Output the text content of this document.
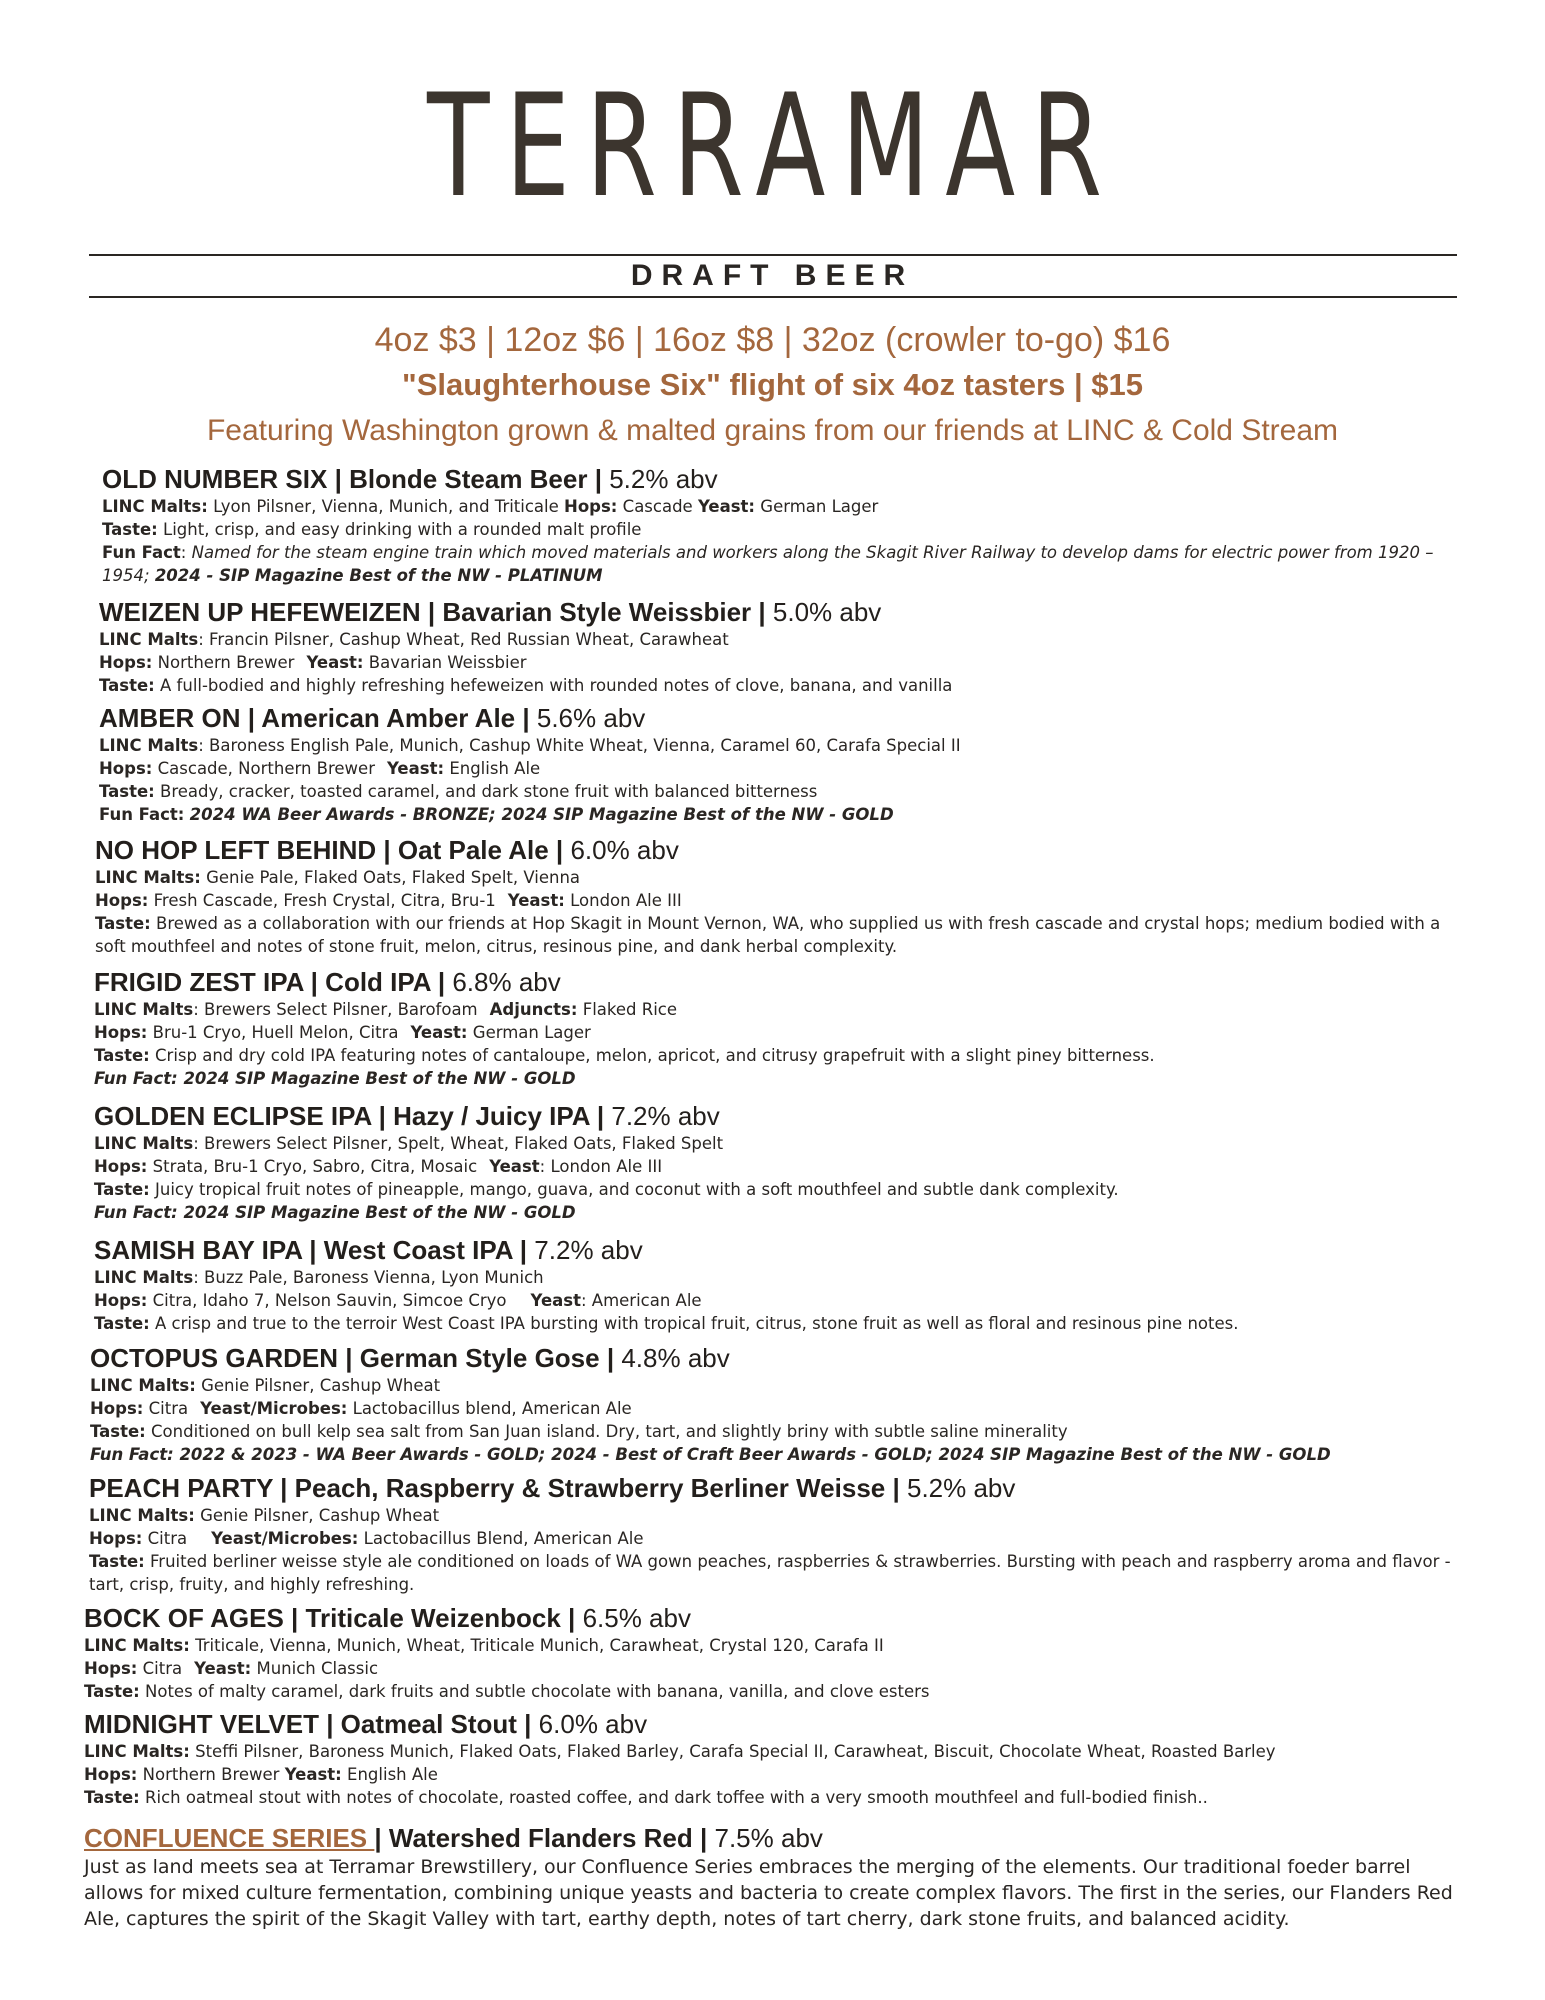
TERRAMAR
DRAFT BEER
4oz $3 | 12oz $6 | 16oz $8 | 32oz (crowler to-go) $16
"Slaughterhouse Six" flight of six 4oz tasters | $15
Featuring Washington grown & malted grains from our friends at LINC & Cold Stream
OLD NUMBER SIX | Blonde Steam Beer | 5.2% abv
LINC Malts: Lyon Pilsner, Vienna, Munich, and Triticale Hops: Cascade Yeast: German Lager
Taste: Light, crisp, and easy drinking with a rounded malt profile
Fun Fact: Named for the steam engine train which moved materials and workers along the Skagit River Railway to develop dams for electric power from 1920 – 1954; 2024 - SIP Magazine Best of the NW - PLATINUM
WEIZEN UP HEFEWEIZEN | Bavarian Style Weissbier | 5.0% abv
LINC Malts: Francin Pilsner, Cashup Wheat, Red Russian Wheat, Carawheat
Hops: Northern Brewer Yeast: Bavarian Weissbier
Taste: A full-bodied and highly refreshing hefeweizen with rounded notes of clove, banana, and vanilla
AMBER ON | American Amber Ale | 5.6% abv
LINC Malts: Baroness English Pale, Munich, Cashup White Wheat, Vienna, Caramel 60, Carafa Special II
Hops: Cascade, Northern Brewer Yeast: English Ale
Taste: Bready, cracker, toasted caramel, and dark stone fruit with balanced bitterness
Fun Fact: 2024 WA Beer Awards - BRONZE; 2024 SIP Magazine Best of the NW - GOLD
NO HOP LEFT BEHIND | Oat Pale Ale | 6.0% abv
LINC Malts: Genie Pale, Flaked Oats, Flaked Spelt, Vienna
Hops: Fresh Cascade, Fresh Crystal, Citra, Bru-1 Yeast: London Ale III
Taste: Brewed as a collaboration with our friends at Hop Skagit in Mount Vernon, WA, who supplied us with fresh cascade and crystal hops; medium bodied with a soft mouthfeel and notes of stone fruit, melon, citrus, resinous pine, and dank herbal complexity.
FRIGID ZEST IPA | Cold IPA | 6.8% abv
LINC Malts: Brewers Select Pilsner, Barofoam Adjuncts: Flaked Rice
Hops: Bru-1 Cryo, Huell Melon, Citra Yeast: German Lager
Taste: Crisp and dry cold IPA featuring notes of cantaloupe, melon, apricot, and citrusy grapefruit with a slight piney bitterness.
Fun Fact: 2024 SIP Magazine Best of the NW - GOLD
GOLDEN ECLIPSE IPA | Hazy / Juicy IPA | 7.2% abv
LINC Malts: Brewers Select Pilsner, Spelt, Wheat, Flaked Oats, Flaked Spelt
Hops: Strata, Bru-1 Cryo, Sabro, Citra, Mosaic Yeast: London Ale III
Taste: Juicy tropical fruit notes of pineapple, mango, guava, and coconut with a soft mouthfeel and subtle dank complexity.
Fun Fact: 2024 SIP Magazine Best of the NW - GOLD
SAMISH BAY IPA | West Coast IPA | 7.2% abv
LINC Malts: Buzz Pale, Baroness Vienna, Lyon Munich
Hops: Citra, Idaho 7, Nelson Sauvin, Simcoe Cryo Yeast: American Ale
Taste: A crisp and true to the terroir West Coast IPA bursting with tropical fruit, citrus, stone fruit as well as floral and resinous pine notes.
OCTOPUS GARDEN | German Style Gose | 4.8% abv
LINC Malts: Genie Pilsner, Cashup Wheat
Hops: Citra Yeast/Microbes: Lactobacillus blend, American Ale
Taste: Conditioned on bull kelp sea salt from San Juan island. Dry, tart, and slightly briny with subtle saline minerality
Fun Fact: 2022 & 2023 - WA Beer Awards - GOLD; 2024 - Best of Craft Beer Awards - GOLD; 2024 SIP Magazine Best of the NW - GOLD
PEACH PARTY | Peach, Raspberry & Strawberry Berliner Weisse | 5.2% abv
LINC Malts: Genie Pilsner, Cashup Wheat
Hops: Citra Yeast/Microbes: Lactobacillus Blend, American Ale
Taste: Fruited berliner weisse style ale conditioned on loads of WA gown peaches, raspberries & strawberries. Bursting with peach and raspberry aroma and flavor - tart, crisp, fruity, and highly refreshing.
BOCK OF AGES | Triticale Weizenbock | 6.5% abv
LINC Malts: Triticale, Vienna, Munich, Wheat, Triticale Munich, Carawheat, Crystal 120, Carafa II
Hops: Citra Yeast: Munich Classic
Taste: Notes of malty caramel, dark fruits and subtle chocolate with banana, vanilla, and clove esters
MIDNIGHT VELVET | Oatmeal Stout | 6.0% abv
LINC Malts: Steffi Pilsner, Baroness Munich, Flaked Oats, Flaked Barley, Carafa Special II, Carawheat, Biscuit, Chocolate Wheat, Roasted Barley
Hops: Northern Brewer Yeast: English Ale
Taste: Rich oatmeal stout with notes of chocolate, roasted coffee, and dark toffee with a very smooth mouthfeel and full-bodied finish..
CONFLUENCE SERIES | Watershed Flanders Red | 7.5% abv
Just as land meets sea at Terramar Brewstillery, our Confluence Series embraces the merging of the elements. Our traditional foeder barrel allows for mixed culture fermentation, combining unique yeasts and bacteria to create complex flavors. The first in the series, our Flanders Red Ale, captures the spirit of the Skagit Valley with tart, earthy depth, notes of tart cherry, dark stone fruits, and balanced acidity.
